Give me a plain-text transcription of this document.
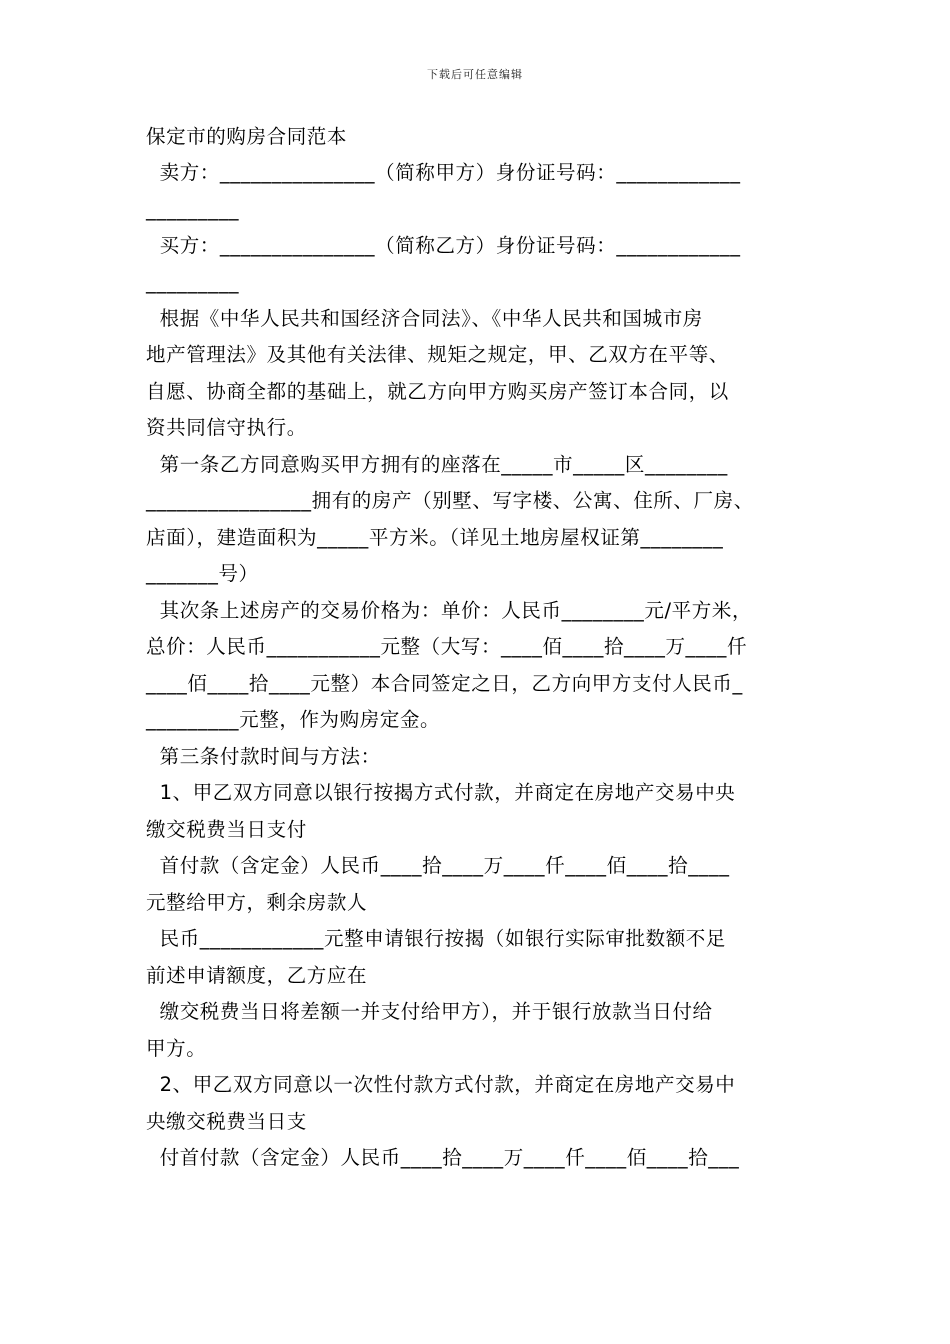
下载后可任意编辑
保定市的购房合同范本
卖方：_______________（简称甲方）身份证号码：____________
_________
买方：_______________（简称乙方）身份证号码：____________
_________
根据《中华人民共和国经济合同法》、《中华人民共和国城市房
地产管理法》及其他有关法律、规矩之规定，甲、乙双方在平等、
自愿、协商全都的基础上，就乙方向甲方购买房产签订本合同，以
资共同信守执行。
第一条乙方同意购买甲方拥有的座落在_____市_____区________
________________拥有的房产（别墅、写字楼、公寓、住所、厂房、
店面），建造面积为_____平方米。（详见土地房屋权证第________
_______号）
其次条上述房产的交易价格为：单价：人民币________元/平方米，
总价：人民币___________元整（大写：____佰____拾____万____仟
____佰____拾____元整）本合同签定之日，乙方向甲方支付人民币_
_________元整，作为购房定金。
第三条付款时间与方法：
1、甲乙双方同意以银行按揭方式付款，并商定在房地产交易中央
缴交税费当日支付
首付款（含定金）人民币____拾____万____仟____佰____拾____
元整给甲方，剩余房款人
民币____________元整申请银行按揭（如银行实际审批数额不足
前述申请额度，乙方应在
缴交税费当日将差额一并支付给甲方），并于银行放款当日付给
甲方。
2、甲乙双方同意以一次性付款方式付款，并商定在房地产交易中
央缴交税费当日支
付首付款（含定金）人民币____拾____万____仟____佰____拾___
